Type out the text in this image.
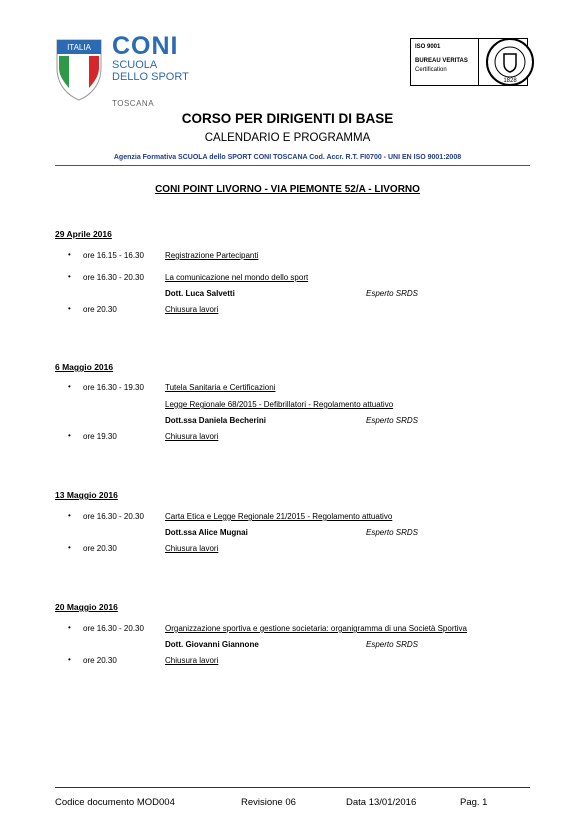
ITALIA CONI
SCUOLA
DELLO SPORT
TOSCANA
ISO 9001
BUREAU VERITAS
Certification
1828
CORSO PER DIRIGENTI DI BASE
CALENDARIO E PROGRAMMA
Agenzia Formativa SCUOLA dello SPORT CONI TOSCANA Cod. Accr. R.T. FI0700 - UNI EN ISO 9001:2008
CONI POINT LIVORNO - VIA PIEMONTE 52/A - LIVORNO
29 Aprile 2016
• ore 16.15 - 16.30	Registrazione Partecipanti
• ore 16.30 - 20.30	La comunicazione nel mondo dello sport
Dott. Luca Salvetti	Esperto SRDS
• ore 20.30	Chiusura lavori
6 Maggio 2016
• ore 16.30 - 19.30	Tutela Sanitaria e Certificazioni
Legge Regionale 68/2015 - Defibrillatori - Regolamento attuativo
Dott.ssa Daniela Becherini	Esperto SRDS
• ore 19.30	Chiusura lavori
13 Maggio 2016
• ore 16.30 - 20.30	Carta Etica e Legge Regionale 21/2015 - Regolamento attuativo
Dott.ssa Alice Mugnai	Esperto SRDS
• ore 20.30	Chiusura lavori
20 Maggio 2016
• ore 16.30 - 20.30	Organizzazione sportiva e gestione societaria: organigramma di una Società Sportiva
Dott. Giovanni Giannone	Esperto SRDS
• ore 20.30	Chiusura lavori
Codice documento MOD004	Revisione 06	Data 13/01/2016	Pag. 1
